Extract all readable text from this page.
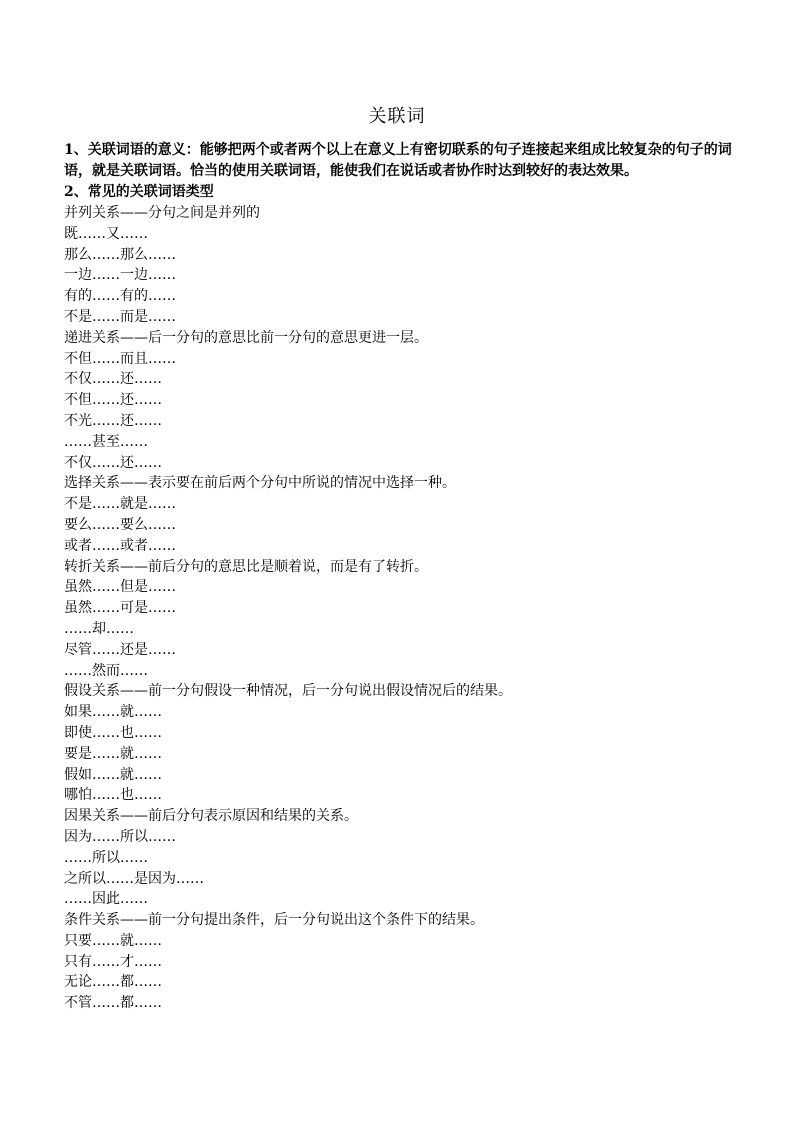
关联词

1、关联词语的意义：能够把两个或者两个以上在意义上有密切联系的句子连接起来组成比较复杂的句子的词语，就是关联词语。恰当的使用关联词语，能使我们在说话或者协作时达到较好的表达效果。

2、常见的关联词语类型

并列关系——分句之间是并列的

既……又……

那么……那么……

一边……一边……

有的……有的……

不是……而是……

递进关系——后一分句的意思比前一分句的意思更进一层。

不但……而且……

不仅……还……

不但……还……

不光……还……

……甚至……

不仅……还……

选择关系——表示要在前后两个分句中所说的情况中选择一种。

不是……就是……

要么……要么……

或者……或者……

转折关系——前后分句的意思比是顺着说，而是有了转折。

虽然……但是……

虽然……可是……

……却……

尽管……还是……

……然而……

假设关系——前一分句假设一种情况，后一分句说出假设情况后的结果。

如果……就……

即使……也……

要是……就……

假如……就……

哪怕……也……

因果关系——前后分句表示原因和结果的关系。

因为……所以……

……所以……

之所以……是因为……

……因此……

条件关系——前一分句提出条件，后一分句说出这个条件下的结果。

只要……就……

只有……才……

无论……都……

不管……都……
